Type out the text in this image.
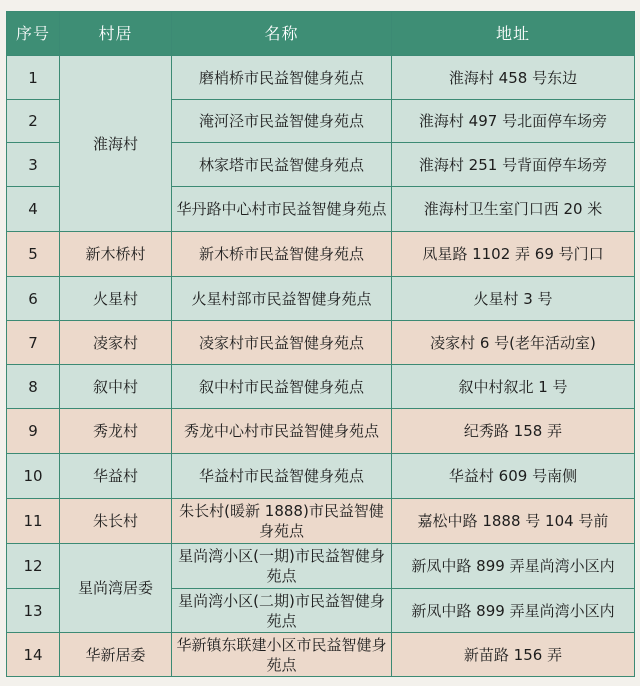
序号	村居	名称	地址
1	淮海村	磨梢桥市民益智健身苑点	淮海村 458 号东边
2		淹河泾市民益智健身苑点	淮海村 497 号北面停车场旁
3		林家塔市民益智健身苑点	淮海村 251 号背面停车场旁
4		华丹路中心村市民益智健身苑点	淮海村卫生室门口西 20 米
5	新木桥村	新木桥市民益智健身苑点	凤星路 1102 弄 69 号门口
6	火星村	火星村部市民益智健身苑点	火星村 3 号
7	凌家村	凌家村市民益智健身苑点	凌家村 6 号(老年活动室)
8	叙中村	叙中村市民益智健身苑点	叙中村叙北 1 号
9	秀龙村	秀龙中心村市民益智健身苑点	纪秀路 158 弄
10	华益村	华益村市民益智健身苑点	华益村 609 号南侧
11	朱长村	朱长村(暖新 1888)市民益智健身苑点	嘉松中路 1888 号 104 号前
12	星尚湾居委	星尚湾小区(一期)市民益智健身苑点	新凤中路 899 弄星尚湾小区内
13		星尚湾小区(二期)市民益智健身苑点	新凤中路 899 弄星尚湾小区内
14	华新居委	华新镇东联建小区市民益智健身苑点	新苗路 156 弄
